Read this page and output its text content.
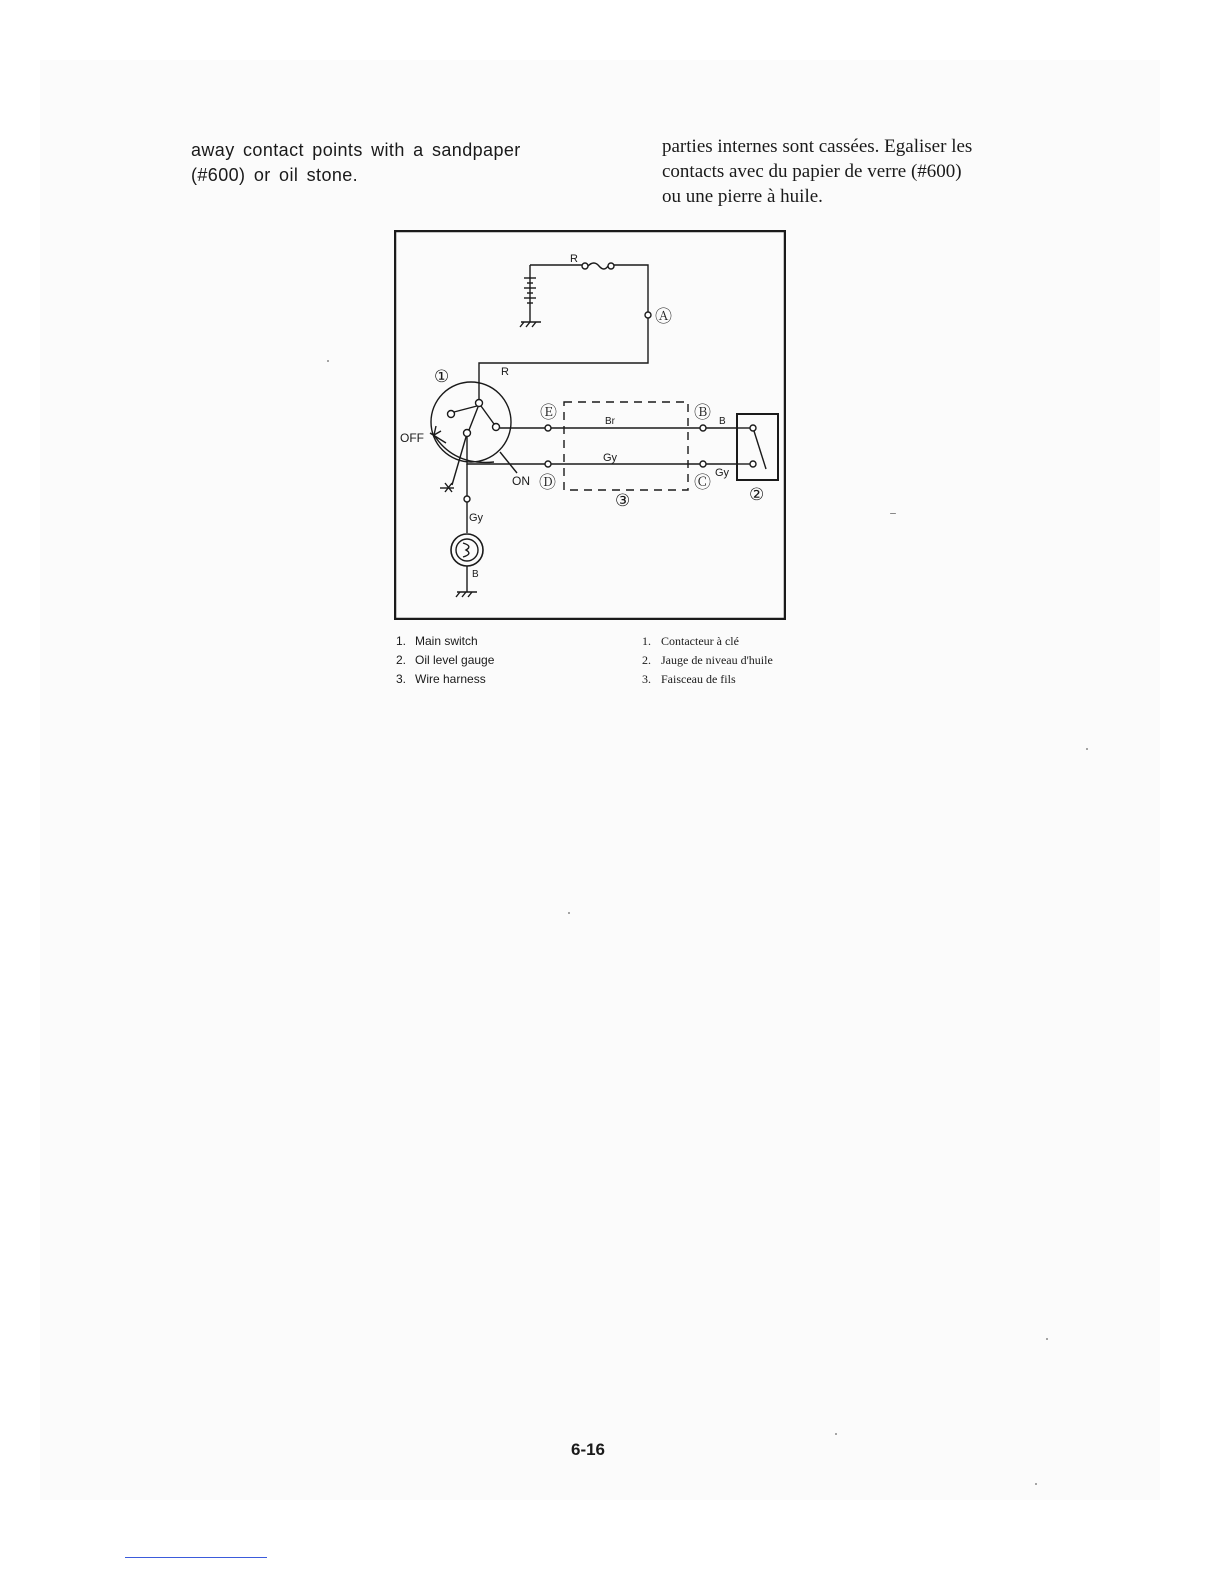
away contact points with a sandpaper
(#600) or oil stone.
parties internes sont cassées. Egaliser les
contacts avec du papier de verre (#600)
ou une pierre à huile.
R
Ⓐ
①	R
Ⓔ	Br	Ⓑ B
OFF
Gy
Gy
ON Ⓓ	Ⓒ
②
③
Gy
B
1. Main switch
2. Oil level gauge
3. Wire harness
1. Contacteur à clé
2. Jauge de niveau d'huile
3. Faisceau de fils
6-16
